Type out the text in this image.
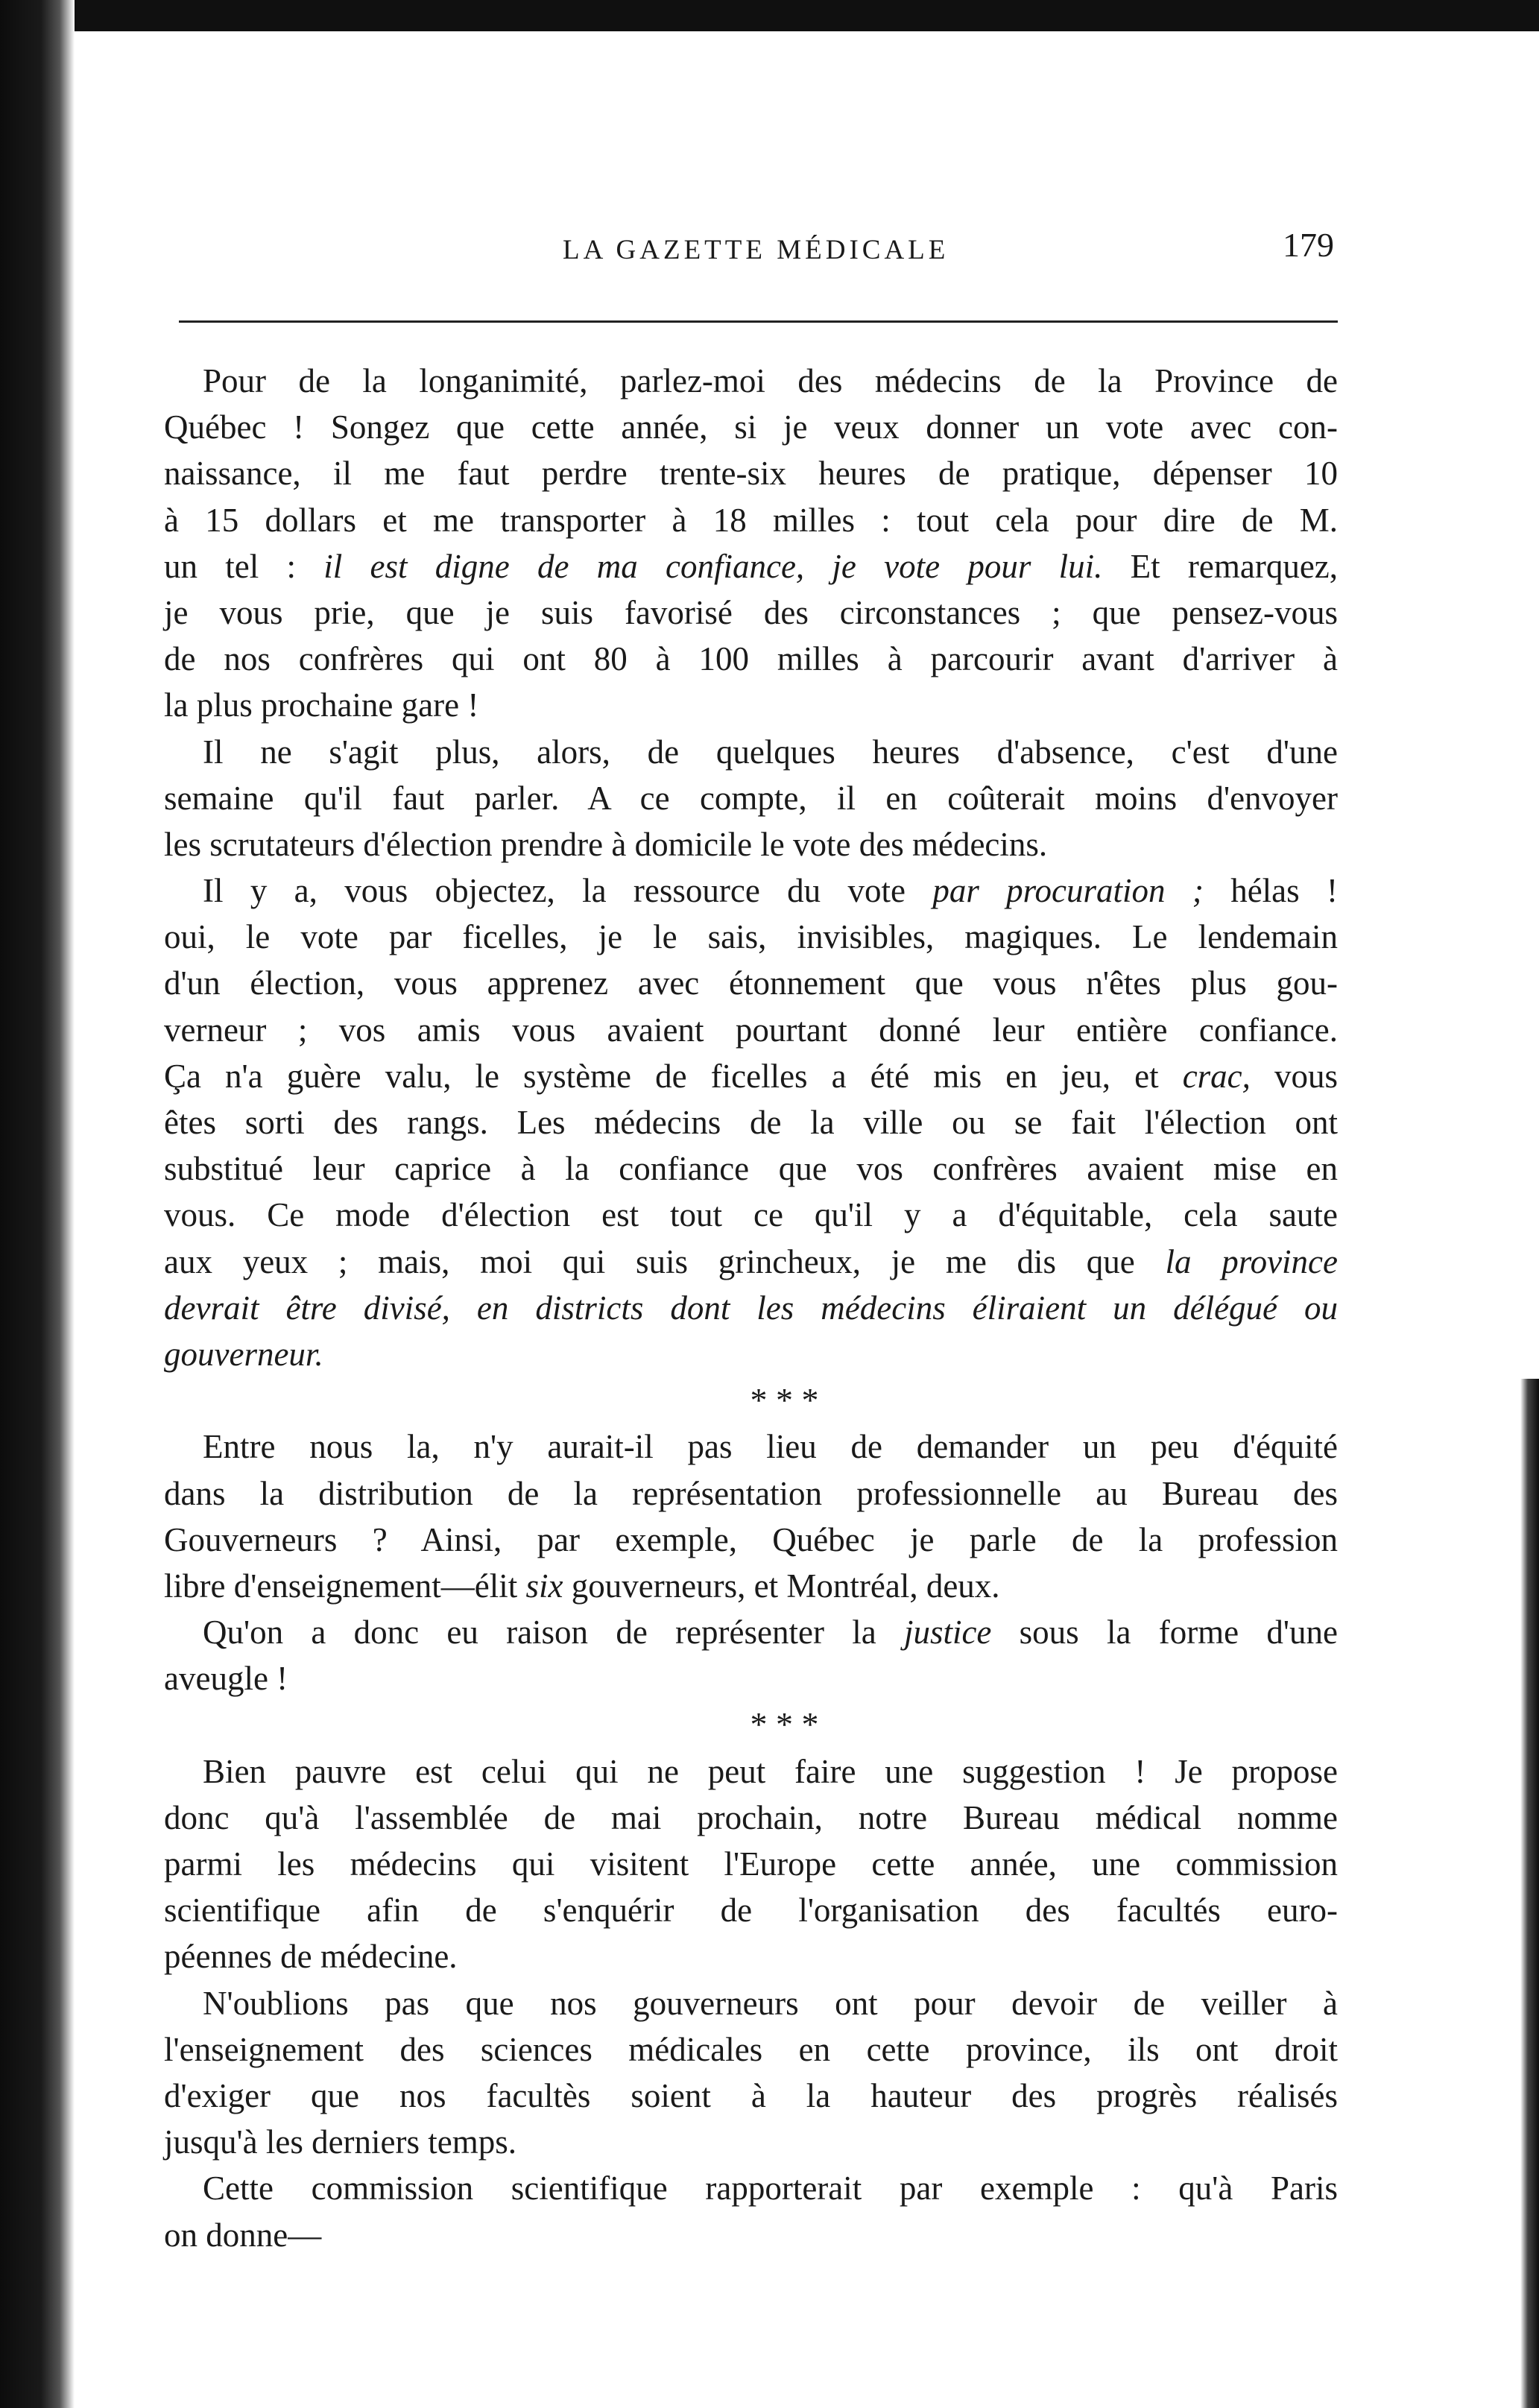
LA GAZETTE MÉDICALE	179
Pour de la longanimité, parlez-moi des médecins de la Province de
Québec ! Songez que cette année, si je veux donner un vote avec con-
naissance, il me faut perdre trente-six heures de pratique, dépenser 10
à 15 dollars et me transporter à 18 milles : tout cela pour dire de M.
un tel : il est digne de ma confiance, je vote pour lui. Et remarquez,
je vous prie, que je suis favorisé des circonstances ; que pensez-vous
de nos confrères qui ont 80 à 100 milles à parcourir avant d'arriver à
la plus prochaine gare !
Il ne s'agit plus, alors, de quelques heures d'absence, c'est d'une
semaine qu'il faut parler. A ce compte, il en coûterait moins d'envoyer
les scrutateurs d'élection prendre à domicile le vote des médecins.
Il y a, vous objectez, la ressource du vote par procuration ; hélas !
oui, le vote par ficelles, je le sais, invisibles, magiques. Le lendemain
d'un élection, vous apprenez avec étonnement que vous n'êtes plus gou-
verneur ; vos amis vous avaient pourtant donné leur entière confiance.
Ça n'a guère valu, le système de ficelles a été mis en jeu, et crac, vous
êtes sorti des rangs. Les médecins de la ville ou se fait l'élection ont
substitué leur caprice à la confiance que vos confrères avaient mise en
vous. Ce mode d'élection est tout ce qu'il y a d'équitable, cela saute
aux yeux ; mais, moi qui suis grincheux, je me dis que la province
devrait être divisé, en districts dont les médecins éliraient un délégué ou
gouverneur.
* * *
Entre nous la, n'y aurait-il pas lieu de demander un peu d'équité
dans la distribution de la représentation professionnelle au Bureau des
Gouverneurs ? Ainsi, par exemple, Québec je parle de la profession
libre d'enseignement—élit six gouverneurs, et Montréal, deux.
Qu'on a donc eu raison de représenter la justice sous la forme d'une
aveugle !
* * *
Bien pauvre est celui qui ne peut faire une suggestion ! Je propose
donc qu'à l'assemblée de mai prochain, notre Bureau médical nomme
parmi les médecins qui visitent l'Europe cette année, une commission
scientifique afin de s'enquérir de l'organisation des facultés euro-
péennes de médecine.
N'oublions pas que nos gouverneurs ont pour devoir de veiller à
l'enseignement des sciences médicales en cette province, ils ont droit
d'exiger que nos facultès soient à la hauteur des progrès réalisés
jusqu'à les derniers temps.
Cette commission scientifique rapporterait par exemple : qu'à Paris
on donne—
